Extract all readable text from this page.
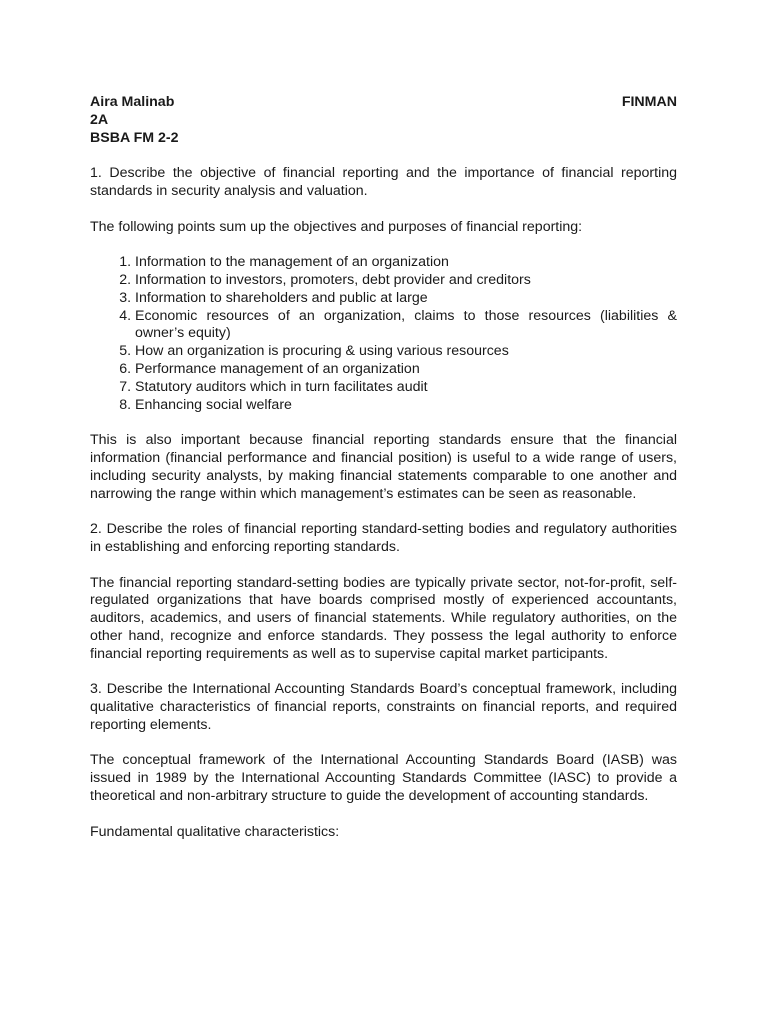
Aira Malinab	FINMAN
2A
BSBA FM 2-2

1. Describe the objective of financial reporting and the importance of financial reporting standards in security analysis and valuation.

The following points sum up the objectives and purposes of financial reporting:

1. Information to the management of an organization
2. Information to investors, promoters, debt provider and creditors
3. Information to shareholders and public at large
4. Economic resources of an organization, claims to those resources (liabilities & owner’s equity)
5. How an organization is procuring & using various resources
6. Performance management of an organization
7. Statutory auditors which in turn facilitates audit
8. Enhancing social welfare

This is also important because financial reporting standards ensure that the financial information (financial performance and financial position) is useful to a wide range of users, including security analysts, by making financial statements comparable to one another and narrowing the range within which management’s estimates can be seen as reasonable.

2. Describe the roles of financial reporting standard-setting bodies and regulatory authorities in establishing and enforcing reporting standards.

The financial reporting standard-setting bodies are typically private sector, not-for-profit, self-regulated organizations that have boards comprised mostly of experienced accountants, auditors, academics, and users of financial statements. While regulatory authorities, on the other hand, recognize and enforce standards. They possess the legal authority to enforce financial reporting requirements as well as to supervise capital market participants.

3. Describe the International Accounting Standards Board’s conceptual framework, including qualitative characteristics of financial reports, constraints on financial reports, and required reporting elements.

The conceptual framework of the International Accounting Standards Board (IASB) was issued in 1989 by the International Accounting Standards Committee (IASC) to provide a theoretical and non-arbitrary structure to guide the development of accounting standards.

Fundamental qualitative characteristics:
